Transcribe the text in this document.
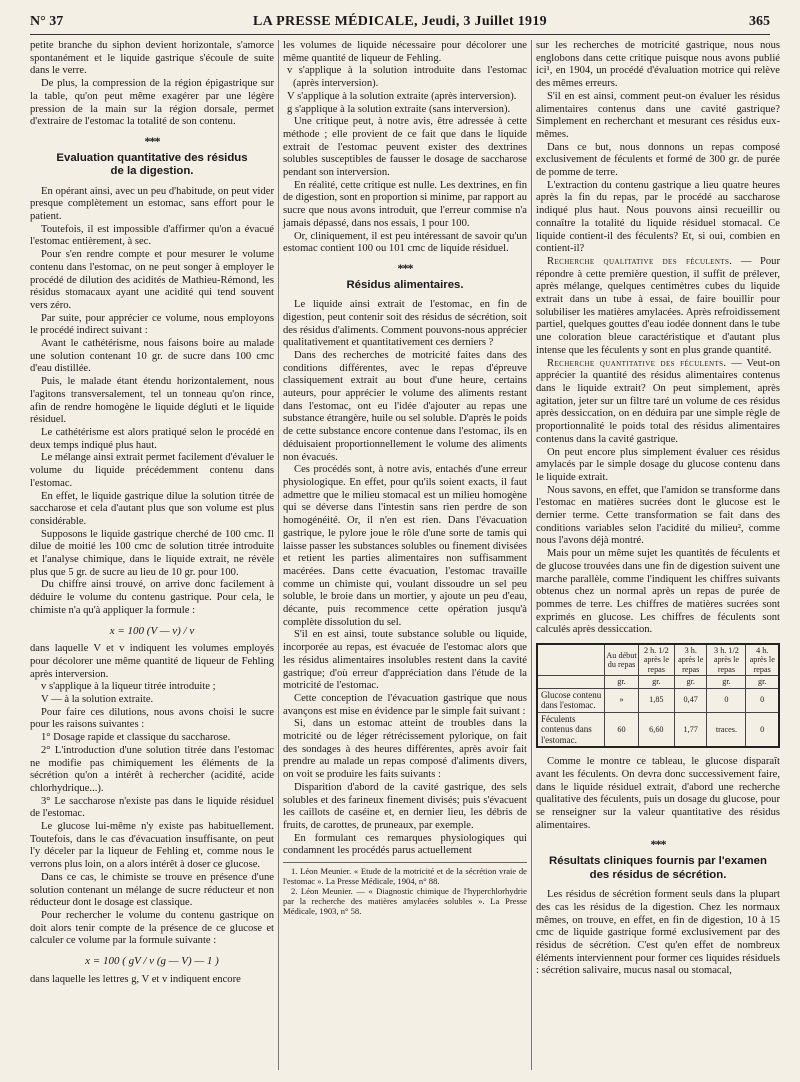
N° 37	LA PRESSE MÉDICALE, Jeudi, 3 Juillet 1919	365

petite branche du siphon devient horizontale, s'amorce spontanément et le liquide gastrique s'écoule de suite dans le verre.

De plus, la compression de la région épigastrique sur la table, qu'on peut même exagérer par une légère pression de la main sur la région dorsale, permet d'extraire de l'estomac la totalité de son contenu.

***
Evaluation quantitative des résidus
de la digestion.

En opérant ainsi, avec un peu d'habitude, on peut vider presque complètement un estomac, sans effort pour le patient.

Toutefois, il est impossible d'affirmer qu'on a évacué l'estomac entièrement, à sec.

Pour s'en rendre compte et pour mesurer le volume contenu dans l'estomac, on ne peut songer à employer le procédé de dilution des acidités de Mathieu-Rémond, les résidus stomacaux ayant une acidité qui tend souvent vers zéro.

Par suite, pour apprécier ce volume, nous employons le procédé indirect suivant :

Avant le cathétérisme, nous faisons boire au malade une solution contenant 10 gr. de sucre dans 100 cmc d'eau distillée.

Puis, le malade étant étendu horizontalement, nous l'agitons transversalement, tel un tonneau qu'on rince, afin de rendre homogène le liquide dégluti et le liquide résiduel.

Le cathétérisme est alors pratiqué selon le procédé en deux temps indiqué plus haut.

Le mélange ainsi extrait permet facilement d'évaluer le volume du liquide précédemment contenu dans l'estomac.

En effet, le liquide gastrique dilue la solution titrée de saccharose et cela d'autant plus que son volume est plus considérable.

Supposons le liquide gastrique cherché de 100 cmc. Il dilue de moitié les 100 cmc de solution titrée introduite et l'analyse chimique, dans le liquide extrait, ne révèle plus que 5 gr. de sucre au lieu de 10 gr. pour 100.

Du chiffre ainsi trouvé, on arrive donc facilement à déduire le volume du contenu gastrique. Pour cela, le chimiste n'a qu'à appliquer la formule :

x = 100 (V — v) / v

dans laquelle V et v indiquent les volumes employés pour décolorer une même quantité de liqueur de Fehling après interversion.

v s'applique à la liqueur titrée introduite ;

V — à la solution extraite.

Pour faire ces dilutions, nous avons choisi le sucre pour les raisons suivantes :

1° Dosage rapide et classique du saccharose.

2° L'introduction d'une solution titrée dans l'estomac ne modifie pas chimiquement les éléments de la sécrétion qu'on a intérêt à rechercher (acidité, acide chlorhydrique...).

3° Le saccharose n'existe pas dans le liquide résiduel de l'estomac.

Le glucose lui-même n'y existe pas habituellement. Toutefois, dans le cas d'évacuation insuffisante, on peut l'y déceler par la liqueur de Fehling et, comme nous le verrons plus loin, on a alors intérêt à doser ce glucose.

Dans ce cas, le chimiste se trouve en présence d'une solution contenant un mélange de sucre réducteur et non réducteur dont le dosage est classique.

Pour rechercher le volume du contenu gastrique on doit alors tenir compte de la présence de ce glucose et calculer ce volume par la formule suivante :

x = 100 ( gV / v (g — V) — 1 )

dans laquelle les lettres g, V et v indiquent encore

les volumes de liquide nécessaire pour décolorer une même quantité de liqueur de Fehling.

v s'applique à la solution introduite dans l'estomac (après interversion).

V s'applique à la solution extraite (après interversion).

g s'applique à la solution extraite (sans interversion).

Une critique peut, à notre avis, être adressée à cette méthode ; elle provient de ce fait que dans le liquide extrait de l'estomac peuvent exister des dextrines solubles susceptibles de fausser le dosage de saccharose pendant son interversion.

En réalité, cette critique est nulle. Les dextrines, en fin de digestion, sont en proportion si minime, par rapport au sucre que nous avons introduit, que l'erreur commise n'a jamais dépassé, dans nos essais, 1 pour 100.

Or, cliniquement, il est peu intéressant de savoir qu'un estomac contient 100 ou 101 cmc de liquide résiduel.

***
Résidus alimentaires.

Le liquide ainsi extrait de l'estomac, en fin de digestion, peut contenir soit des résidus de sécrétion, soit des résidus d'aliments. Comment pouvons-nous apprécier qualitativement et quantitativement ces derniers ?

Dans des recherches de motricité faites dans des conditions différentes, avec le repas d'épreuve classiquement extrait au bout d'une heure, certains auteurs, pour apprécier le volume des aliments restant dans l'estomac, ont eu l'idée d'ajouter au repas une substance étrangère, huile ou sel soluble. D'après le poids de cette substance encore contenue dans l'estomac, ils en déduisaient proportionnellement le volume des aliments non évacués.

Ces procédés sont, à notre avis, entachés d'une erreur physiologique. En effet, pour qu'ils soient exacts, il faut admettre que le milieu stomacal est un milieu homogène qui se déverse dans l'intestin sans rien perdre de son homogénéité. Or, il n'en est rien. Dans l'évacuation gastrique, le pylore joue le rôle d'une sorte de tamis qui laisse passer les substances solubles ou finement divisées et retient les parties alimentaires non suffisamment macérées. Dans cette évacuation, l'estomac travaille comme un chimiste qui, voulant dissoudre un sel peu soluble, le broie dans un mortier, y ajoute un peu d'eau, décante, puis recommence cette opération jusqu'à complète dissolution du sel.

S'il en est ainsi, toute substance soluble ou liquide, incorporée au repas, est évacuée de l'estomac alors que les résidus alimentaires insolubles restent dans la cavité gastrique; d'où erreur d'appréciation dans l'étude de la motricité de l'estomac.

Cette conception de l'évacuation gastrique que nous avançons est mise en évidence par le simple fait suivant :

Si, dans un estomac atteint de troubles dans la motricité ou de léger rétrécissement pylorique, on fait des sondages à des heures différentes, après avoir fait prendre au malade un repas composé d'aliments divers, on voit se produire les faits suivants :

Disparition d'abord de la cavité gastrique, des sels solubles et des farineux finement divisés; puis s'évacuent les caillots de caséine et, en dernier lieu, les débris de fruits, de carottes, de pruneaux, par exemple.

En formulant ces remarques physiologiques qui condamnent les procédés parus actuellement

1. Léon Meunier. « Etude de la motricité et de la sécrétion vraie de l'estomac ». La Presse Médicale, 1904, n° 88.

2. Léon Meunier. — « Diagnostic chimique de l'hyperchlorhydrie par la recherche des matières amylacées solubles ». La Presse Médicale, 1903, n° 58.

sur les recherches de motricité gastrique, nous nous englobons dans cette critique puisque nous avons publié ici¹, en 1904, un procédé d'évaluation motrice qui relève des mêmes erreurs.

S'il en est ainsi, comment peut-on évaluer les résidus alimentaires contenus dans une cavité gastrique? Simplement en recherchant et mesurant ces résidus eux-mêmes.

Dans ce but, nous donnons un repas composé exclusivement de féculents et formé de 300 gr. de purée de pomme de terre.

L'extraction du contenu gastrique a lieu quatre heures après la fin du repas, par le procédé au saccharose indiqué plus haut. Nous pouvons ainsi recueillir ou connaître la totalité du liquide résiduel stomacal. Ce liquide contient-il des féculents? Et, si oui, combien en contient-il?

Recherche qualitative des féculents. — Pour répondre à cette première question, il suffit de prélever, après mélange, quelques centimètres cubes du liquide extrait dans un tube à essai, de faire bouillir pour solubiliser les matières amylacées. Après refroidissement partiel, quelques gouttes d'eau iodée donnent dans le tube une coloration bleue caractéristique et d'autant plus intense que les féculents y sont en plus grande quantité.

Recherche quantitative des féculents. — Veut-on apprécier la quantité des résidus alimentaires contenus dans le liquide extrait? On peut simplement, après agitation, jeter sur un filtre taré un volume de ces résidus après dessiccation, on en déduira par une simple règle de proportionnalité le poids total des résidus alimentaires contenus dans la cavité gastrique.

On peut encore plus simplement évaluer ces résidus amylacés par le simple dosage du glucose contenu dans le liquide extrait.

Nous savons, en effet, que l'amidon se transforme dans l'estomac en matières sucrées dont le glucose est le dernier terme. Cette transformation se fait dans des conditions variables selon l'acidité du milieu², comme nous l'avons déjà montré.

Mais pour un même sujet les quantités de féculents et de glucose trouvées dans une fin de digestion suivent une marche parallèle, comme l'indiquent les chiffres suivants obtenus chez un normal après un repas de purée de pommes de terre. Les chiffres de matières sucrées sont exprimés en glucose. Les chiffres de féculents sont calculés après dessiccation.

	Au début du repas	2 h. 1/2 après le repas	3 h. après le repas	3 h. 1/2 après le repas	4 h. après le repas
	gr.	gr.	gr.	gr.	gr.
Glucose contenu dans l'estomac.	»	1,85	0,47	0	0
Féculents contenus dans l'estomac.	60	6,60	1,77	traces.	0

Comme le montre ce tableau, le glucose disparaît avant les féculents. On devra donc successivement faire, dans le liquide résiduel extrait, d'abord une recherche qualitative des féculents, puis un dosage du glucose, pour se renseigner sur la valeur quantitative des résidus alimentaires.

***
Résultats cliniques fournis par l'examen
des résidus de sécrétion.

Les résidus de sécrétion forment seuls dans la plupart des cas les résidus de la digestion. Chez les normaux mêmes, on trouve, en effet, en fin de digestion, 10 à 15 cmc de liquide gastrique formé exclusivement par des résidus de sécrétion. C'est qu'en effet de nombreux éléments interviennent pour former ces liquides résiduels : sécrétion salivaire, mucus nasal ou stomacal,
